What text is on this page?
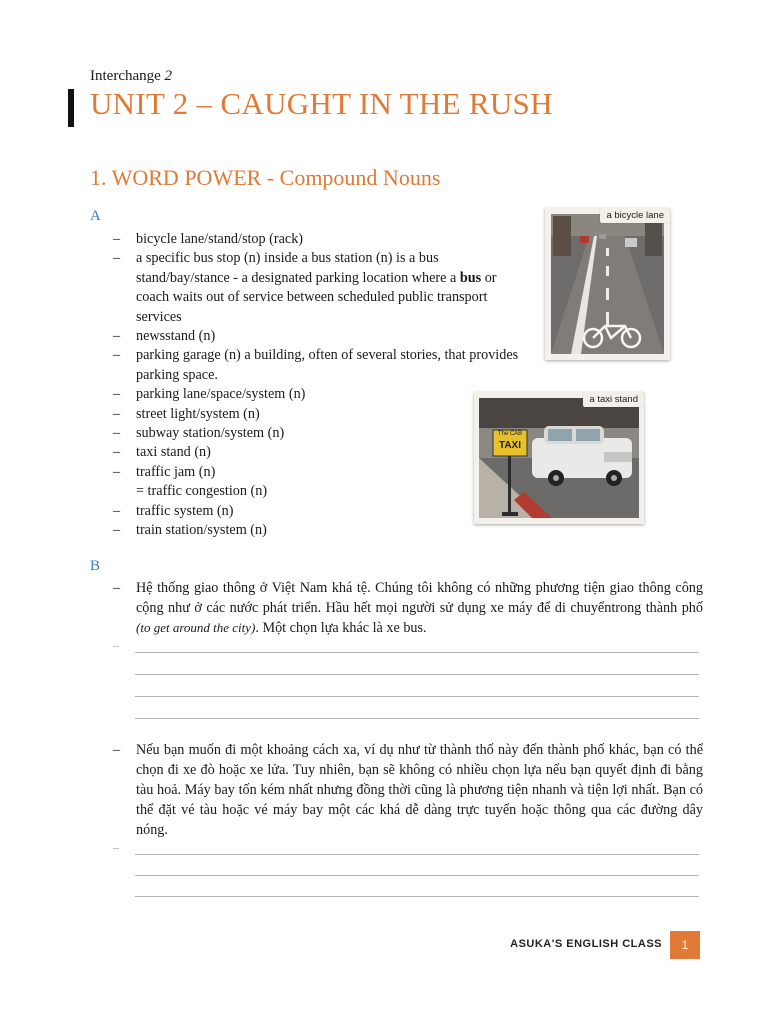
Interchange 2
UNIT 2 – CAUGHT IN THE RUSH
1. WORD POWER - Compound Nouns
A
– bicycle lane/stand/stop (rack)
– a specific bus stop (n) inside a bus station (n) is a bus stand/bay/stance - a designated parking location where a bus or coach waits out of service between scheduled public transport services
– newsstand (n)
– parking garage (n) a building, often of several stories, that provides parking space.
– parking lane/space/system (n)
– street light/system (n)
– subway station/system (n)
– taxi stand (n)
– traffic jam (n)
= traffic congestion (n)
– traffic system (n)
– train station/system (n)
a bicycle lane
The CAB
TAXI
a taxi stand
B
–	Hệ thống giao thông ở Việt Nam khá tệ. Chúng tôi không có những phương tiện giao thông công cộng như ở các nước phát triển. Hầu hết mọi người sử dụng xe máy để di chuyểntrong thành phố (to get around the city). Một chọn lựa khác là xe bus.
–
–	Nếu bạn muốn đi một khoảng cách xa, ví dụ như từ thành thố này đến thành phố khác, bạn có thể chọn đi xe đò hoặc xe lửa. Tuy nhiên, bạn sẽ không có nhiều chọn lựa nếu bạn quyết định đi bằng tàu hoả. Máy bay tốn kém nhất nhưng đồng thời cũng là phương tiện nhanh và tiện lợi nhất. Bạn có thể đặt vé tàu hoặc vé máy bay một các khá dễ dàng trực tuyến hoặc thông qua các đường dây nóng.
–
ASUKA'S ENGLISH CLASS	1
